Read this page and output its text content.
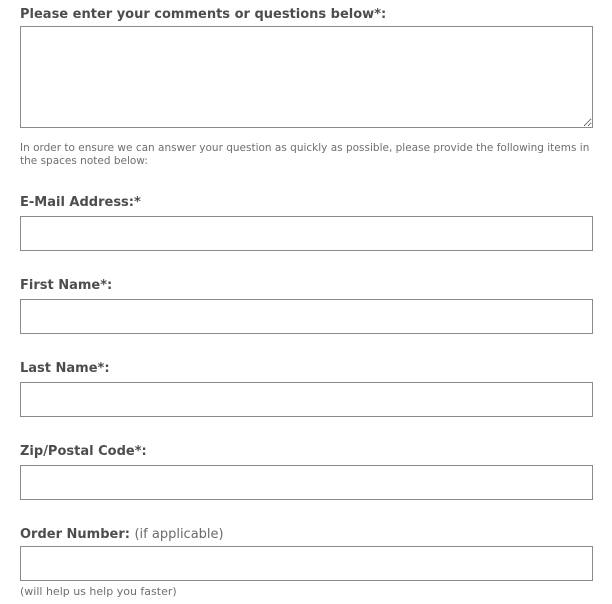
Please enter your comments or questions below*:
In order to ensure we can answer your question as quickly as possible, please provide the following items in the spaces noted below:
E-Mail Address:*
First Name*:
Last Name*:
Zip/Postal Code*:
Order Number: (if applicable)
(will help us help you faster)
